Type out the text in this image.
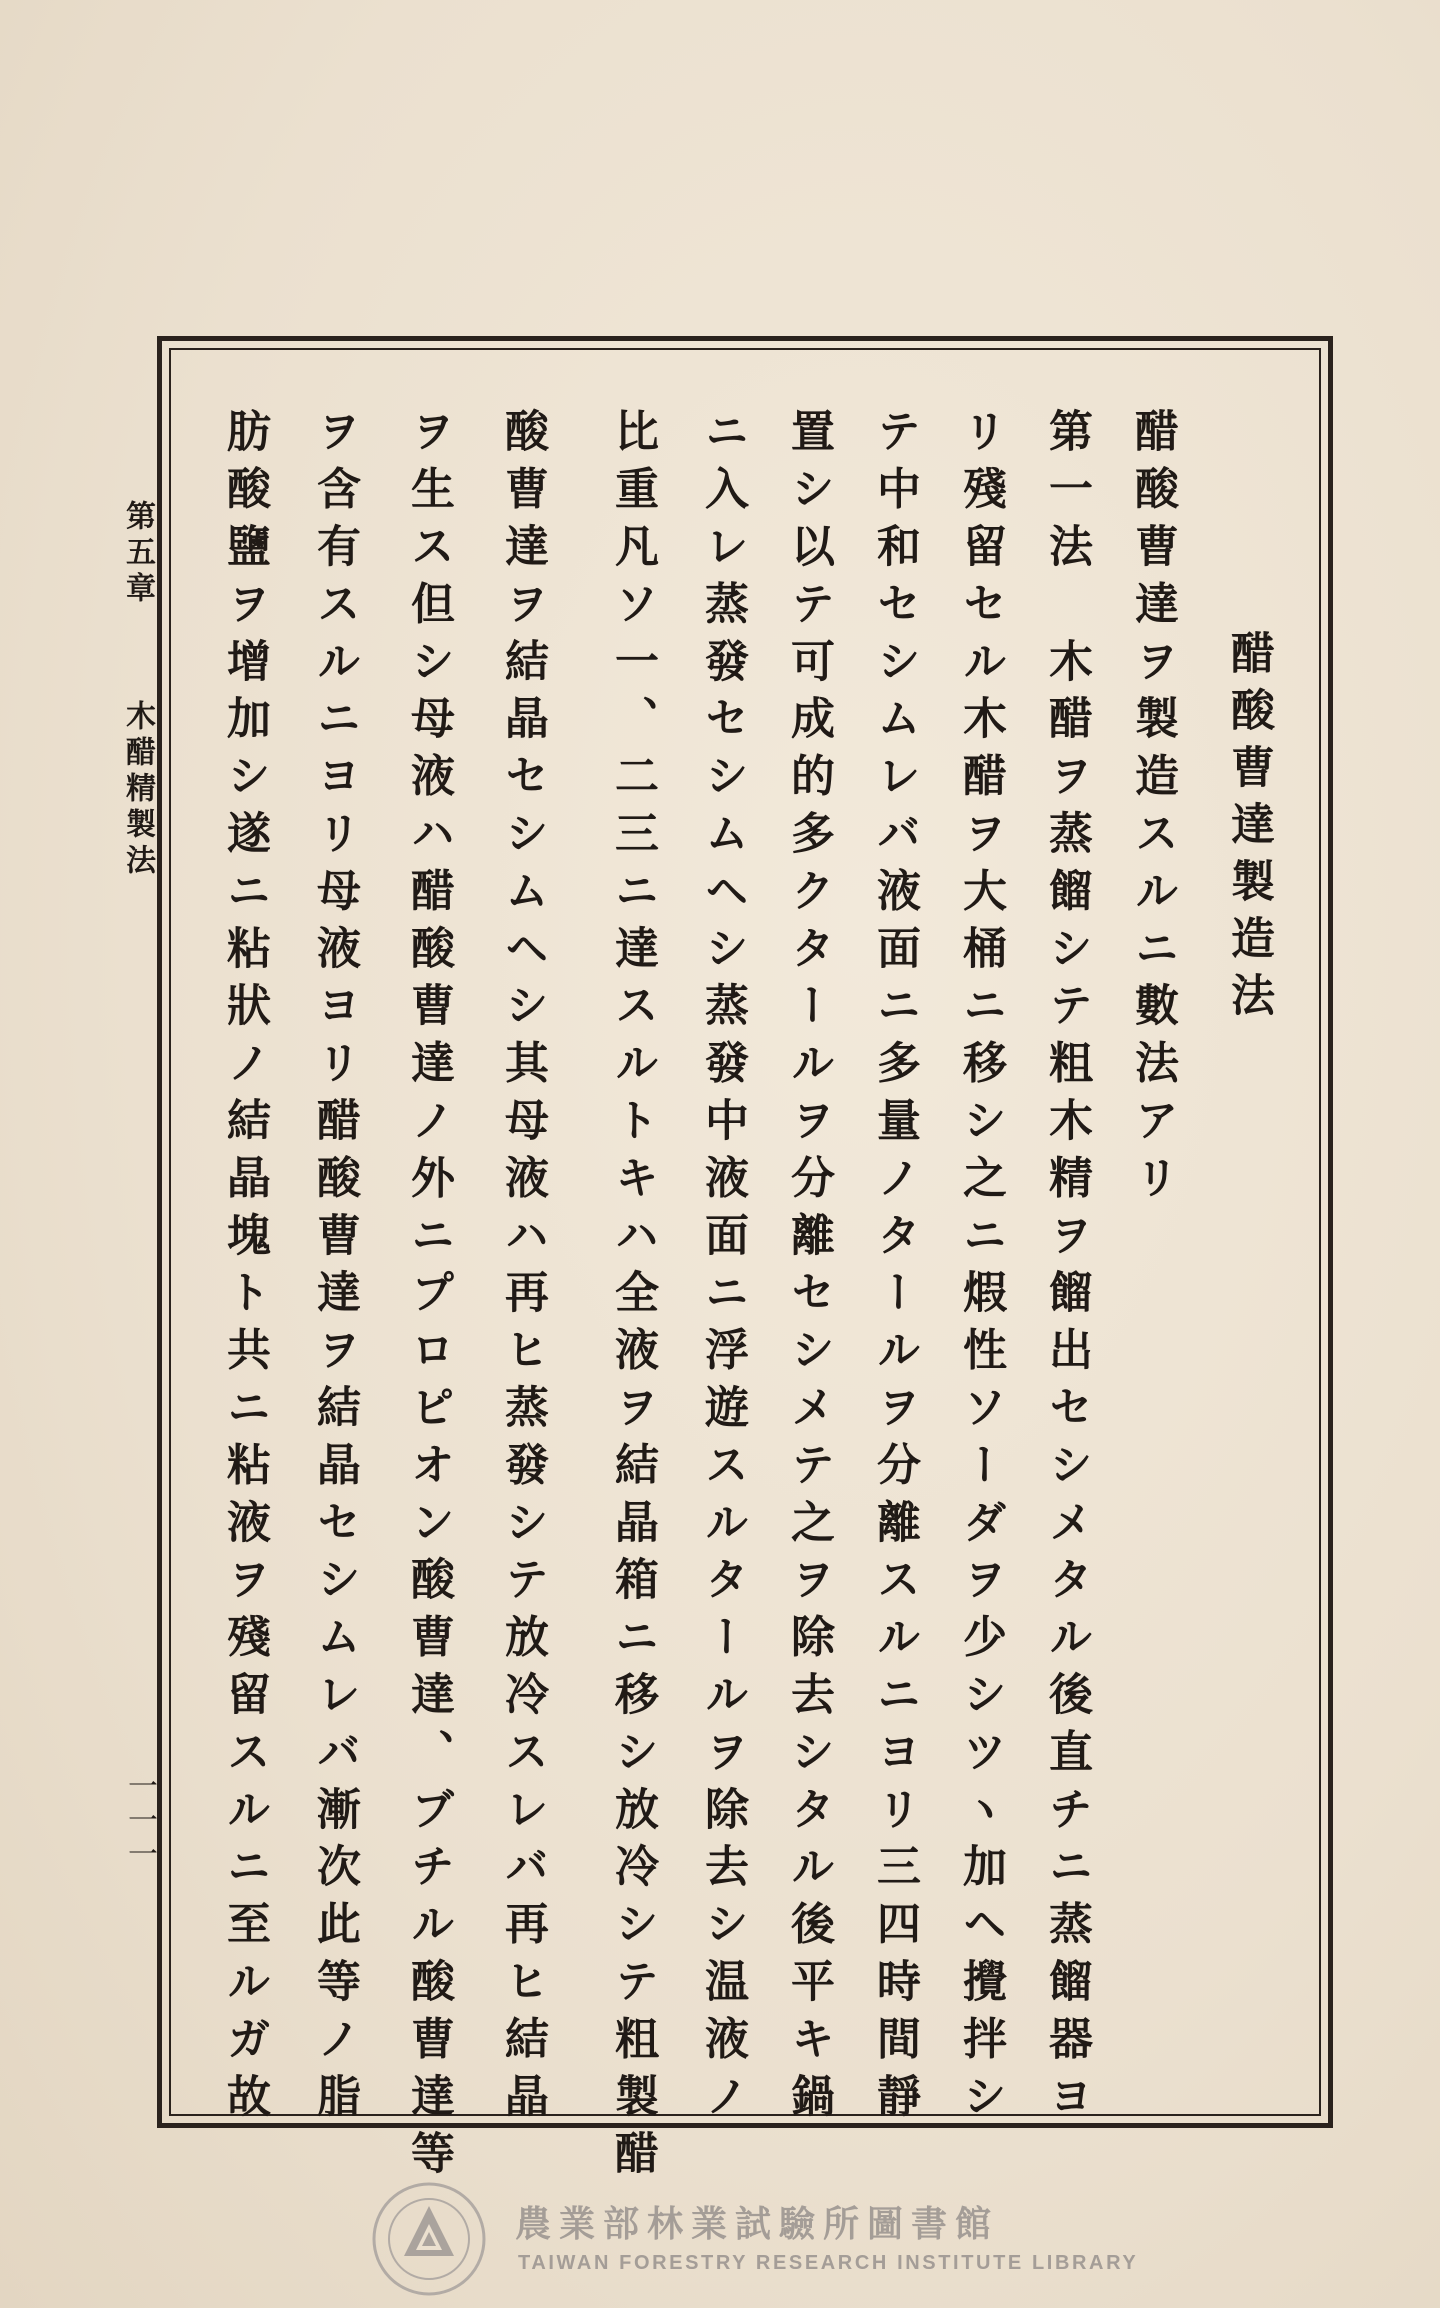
醋酸曹達製造法
醋酸曹達ヲ製造スルニ數法アリ
第一法　木醋ヲ蒸餾シテ粗木精ヲ餾出セシメタル後直チニ蒸餾器ヨ
リ殘留セル木醋ヲ大桶ニ移シ之ニ煆性ソーダヲ少シツヽ加ヘ攪拌シ
テ中和セシムレバ液面ニ多量ノタールヲ分離スルニヨリ三四時間靜
置シ以テ可成的多クタールヲ分離セシメテ之ヲ除去シタル後平キ鍋
ニ入レ蒸發セシムヘシ蒸發中液面ニ浮遊スルタールヲ除去シ温液ノ
比重凡ソ一、二三ニ達スルトキハ全液ヲ結晶箱ニ移シ放冷シテ粗製醋
酸曹達ヲ結晶セシムヘシ其母液ハ再ヒ蒸發シテ放冷スレバ再ヒ結晶
ヲ生ス但シ母液ハ醋酸曹達ノ外ニプロピオン酸曹達、ブチル酸曹達等
ヲ含有スルニヨリ母液ヨリ醋酸曹達ヲ結晶セシムレバ漸次此等ノ脂
肪酸鹽ヲ增加シ遂ニ粘狀ノ結晶塊ト共ニ粘液ヲ殘留スルニ至ルガ故
第五章
木醋精製法
一一一
農業部林業試驗所圖書館
TAIWAN FORESTRY RESEARCH INSTITUTE LIBRARY
